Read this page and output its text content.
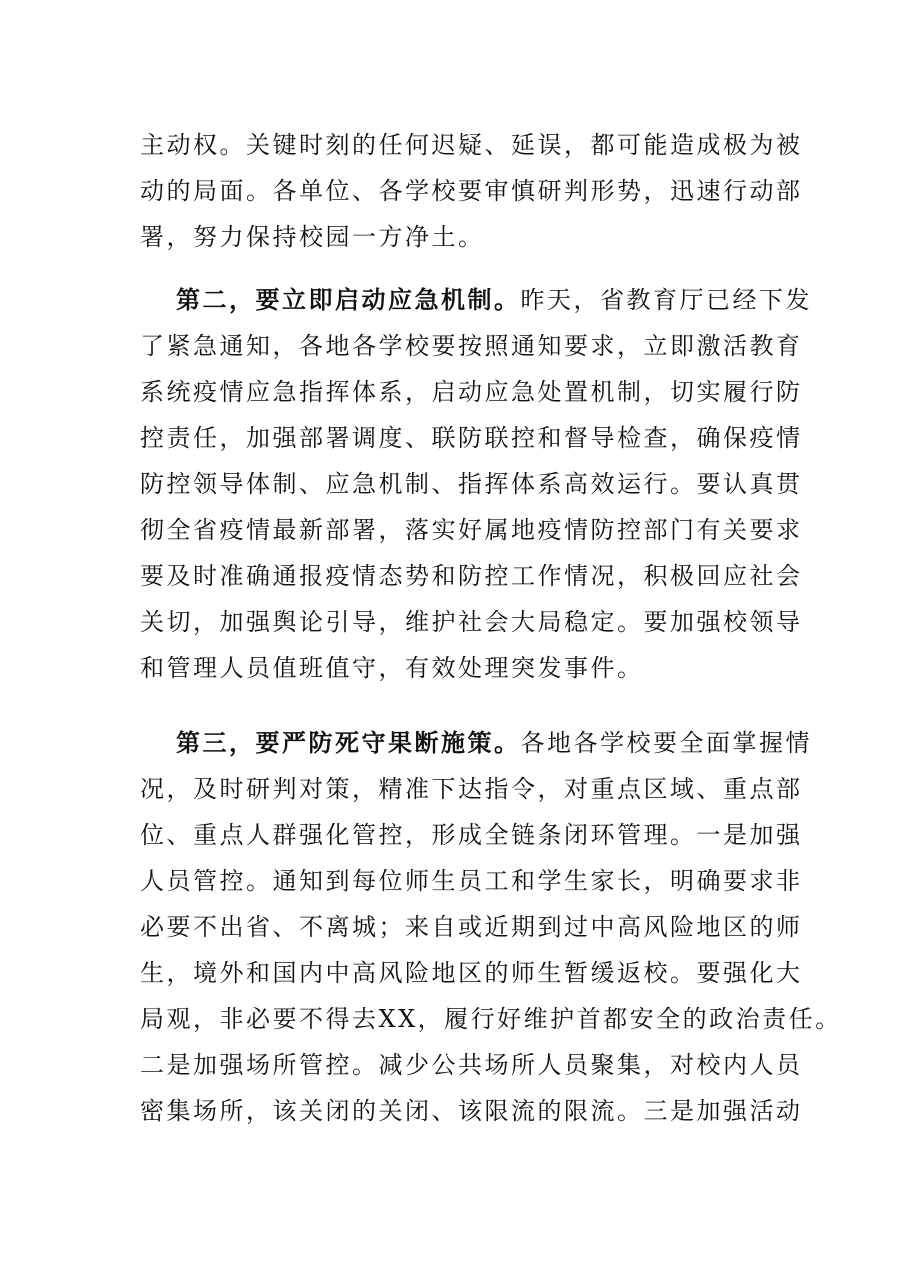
主动权。关键时刻的任何迟疑、延误，都可能造成极为被
动的局面。各单位、各学校要审慎研判形势，迅速行动部
署，努力保持校园一方净土。
第二，要立即启动应急机制。昨天，省教育厅已经下发
了紧急通知，各地各学校要按照通知要求，立即激活教育
系统疫情应急指挥体系，启动应急处置机制，切实履行防
控责任，加强部署调度、联防联控和督导检查，确保疫情
防控领导体制、应急机制、指挥体系高效运行。要认真贯
彻全省疫情最新部署，落实好属地疫情防控部门有关要求
要及时准确通报疫情态势和防控工作情况，积极回应社会
关切，加强舆论引导，维护社会大局稳定。要加强校领导
和管理人员值班值守，有效处理突发事件。
第三，要严防死守果断施策。各地各学校要全面掌握情
况，及时研判对策，精准下达指令，对重点区域、重点部
位、重点人群强化管控，形成全链条闭环管理。一是加强
人员管控。通知到每位师生员工和学生家长，明确要求非
必要不出省、不离城；来自或近期到过中高风险地区的师
生，境外和国内中高风险地区的师生暂缓返校。要强化大
局观，非必要不得去XX，履行好维护首都安全的政治责任。
二是加强场所管控。减少公共场所人员聚集，对校内人员
密集场所，该关闭的关闭、该限流的限流。三是加强活动
